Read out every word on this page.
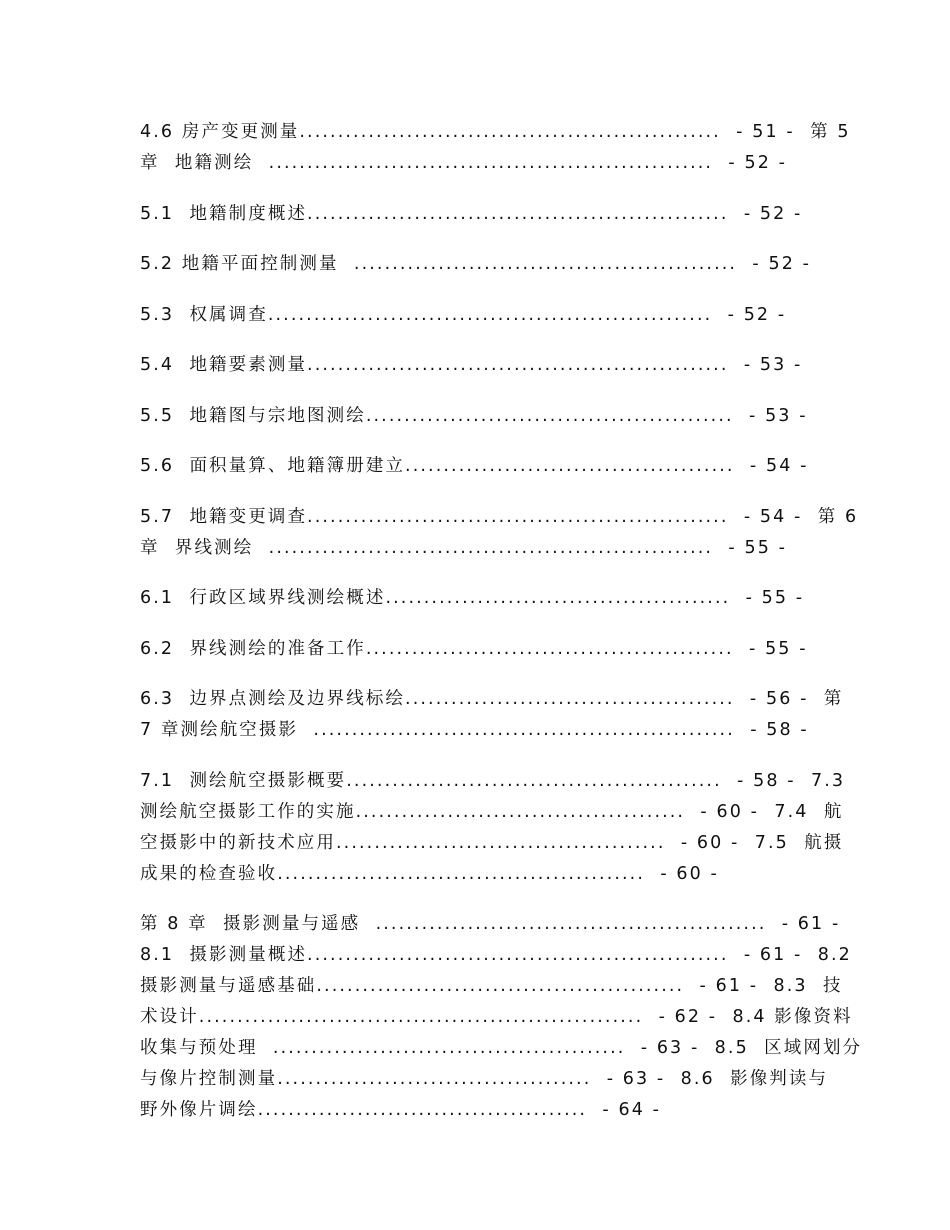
4.6 房产变更测量.......................................................  - 51 -  第 5
章  地籍测绘  ..........................................................  - 52 -
5.1  地籍制度概述.......................................................  - 52 -
5.2 地籍平面控制测量  ..................................................  - 52 -
5.3  权属调查..........................................................  - 52 -
5.4  地籍要素测量.......................................................  - 53 -
5.5  地籍图与宗地图测绘................................................  - 53 -
5.6  面积量算、地籍簿册建立...........................................  - 54 -
5.7  地籍变更调查.......................................................  - 54 -  第 6
章  界线测绘  ..........................................................  - 55 -
6.1  行政区域界线测绘概述.............................................  - 55 -
6.2  界线测绘的准备工作................................................  - 55 -
6.3  边界点测绘及边界线标绘...........................................  - 56 -  第
7 章测绘航空摄影  .......................................................  - 58 -
7.1  测绘航空摄影概要.................................................  - 58 -  7.3
测绘航空摄影工作的实施...........................................  - 60 -  7.4  航
空摄影中的新技术应用...........................................  - 60 -  7.5  航摄
成果的检查验收................................................  - 60 -
第 8 章  摄影测量与遥感  ...................................................  - 61 -
8.1  摄影测量概述.......................................................  - 61 -  8.2
摄影测量与遥感基础................................................  - 61 -  8.3  技
术设计..........................................................  - 62 -  8.4 影像资料
收集与预处理  ..............................................  - 63 -  8.5  区域网划分
与像片控制测量.........................................  - 63 -  8.6  影像判读与
野外像片调绘...........................................  - 64 -
